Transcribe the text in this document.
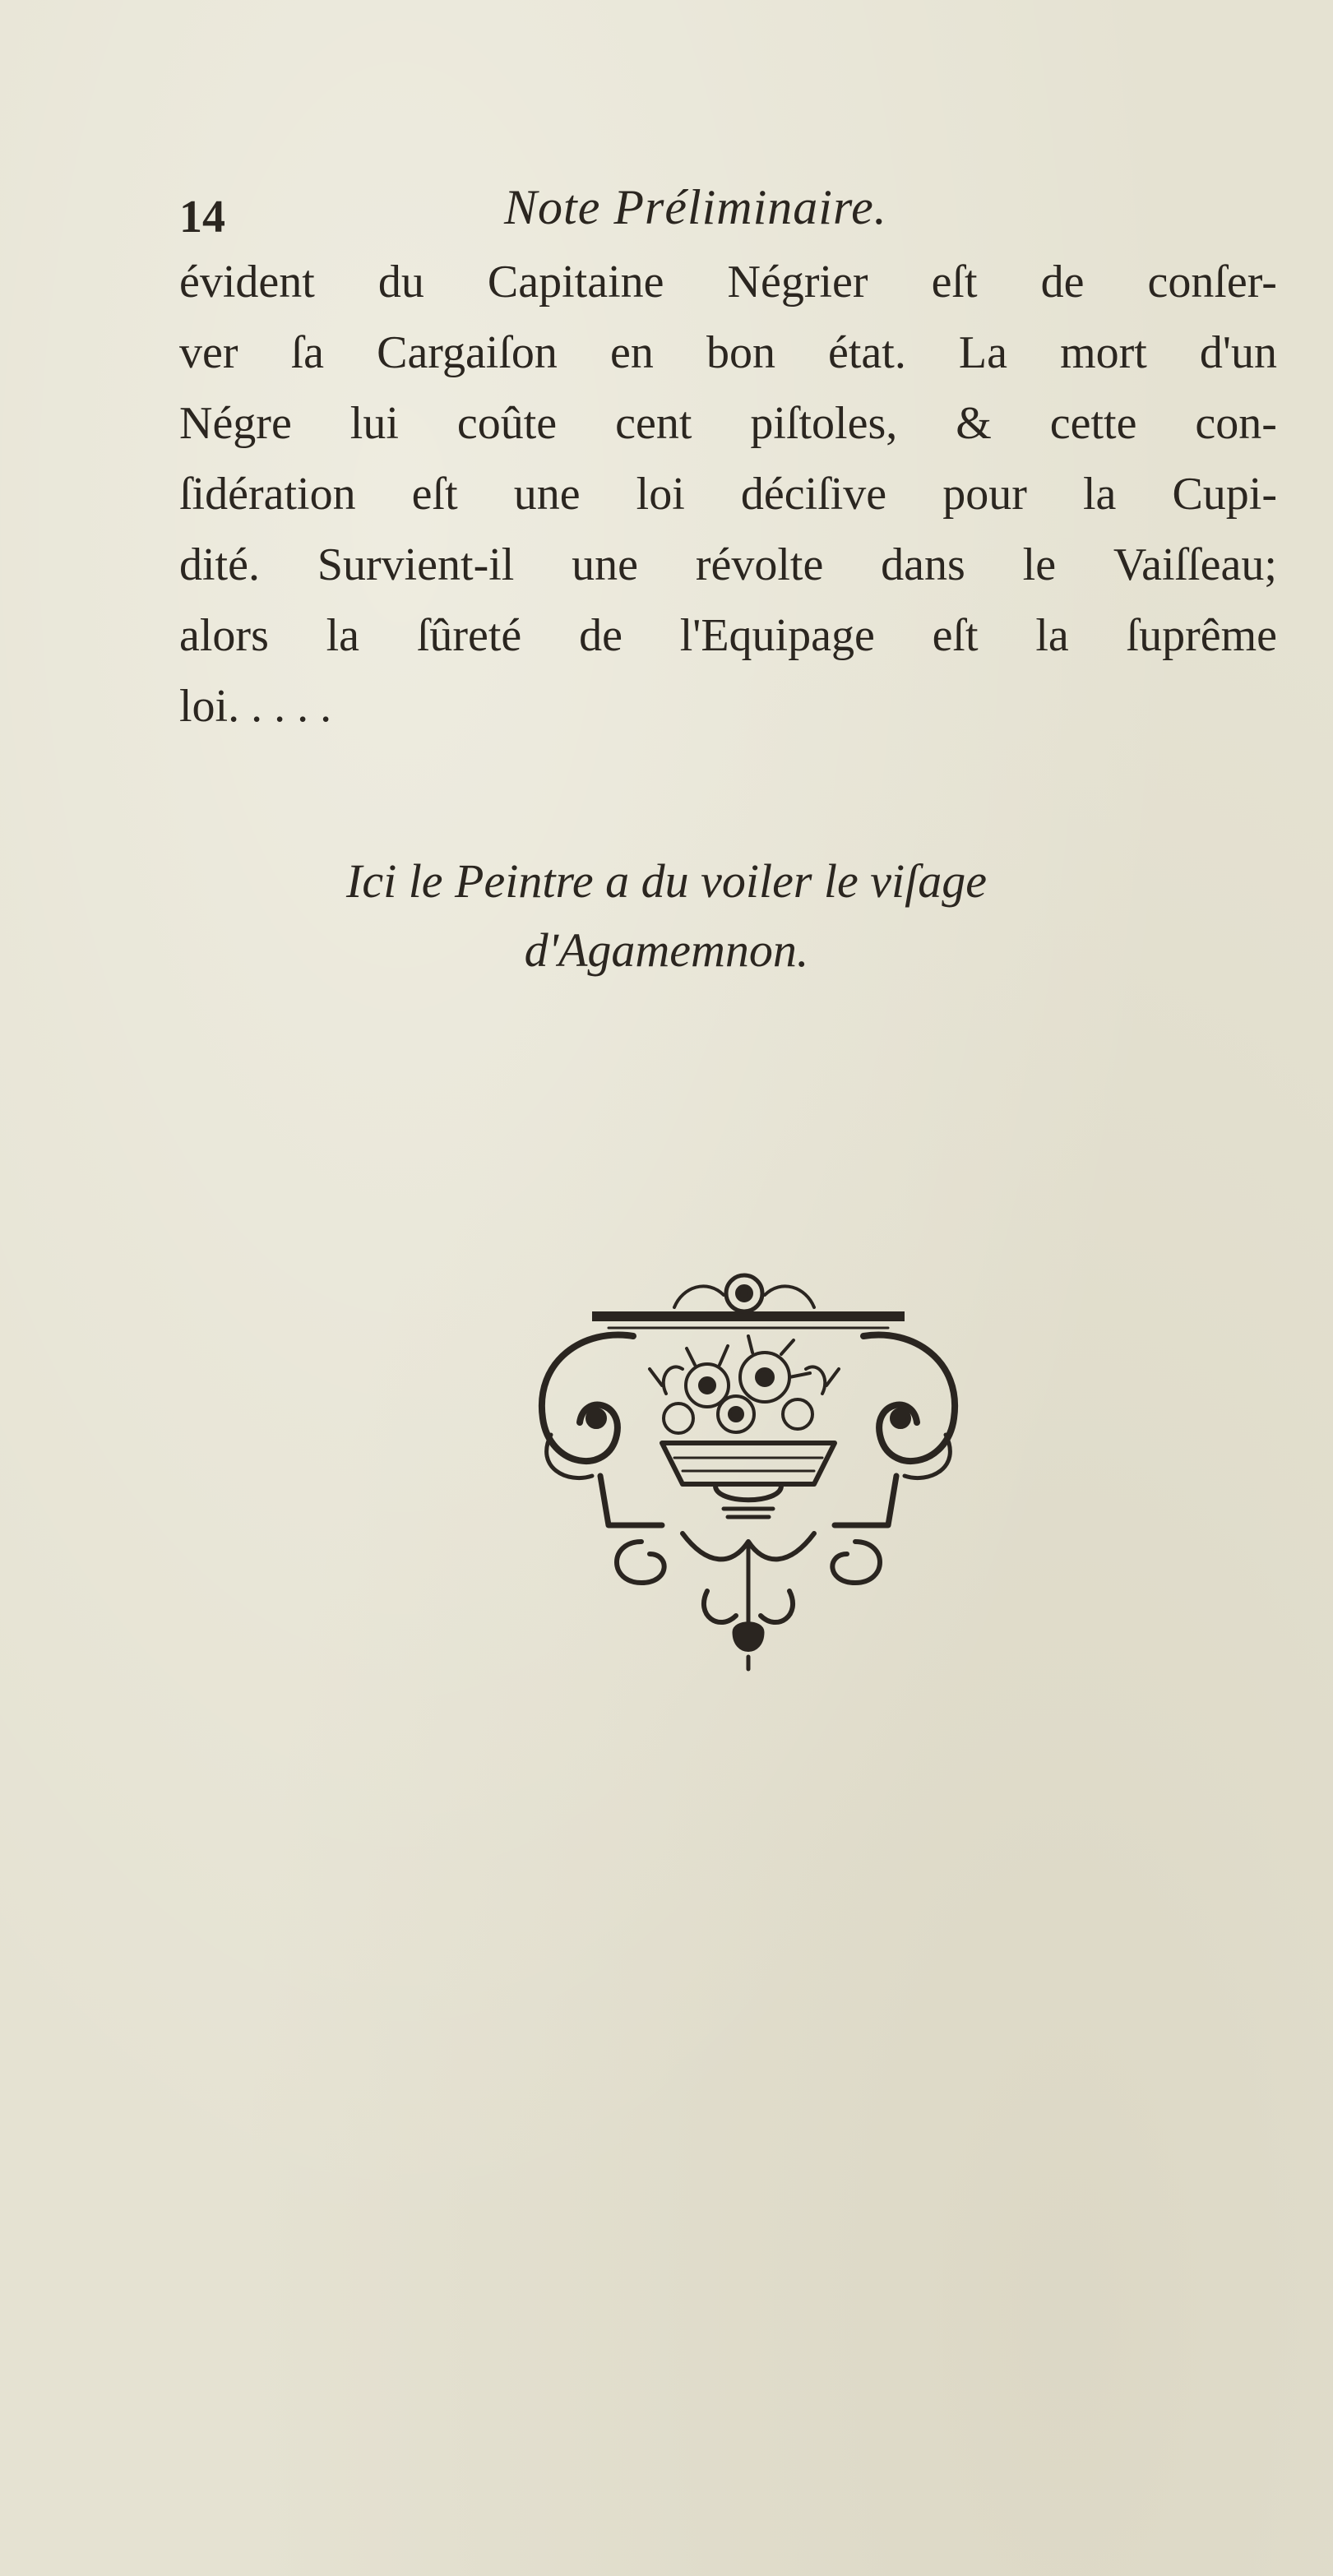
14	Note Préliminaire.
évident du Capitaine Négrier eſt de conſer-
ver ſa Cargaiſon en bon état. La mort d'un
Négre lui coûte cent piſtoles, & cette con-
ſidération eſt une loi déciſive pour la Cupi-
dité. Survient-il une révolte dans le Vaiſſeau;
alors la ſûreté de l'Equipage eſt la ſuprême
loi. . . . .
Ici le Peintre a du voiler le viſage
d'Agamemnon.
